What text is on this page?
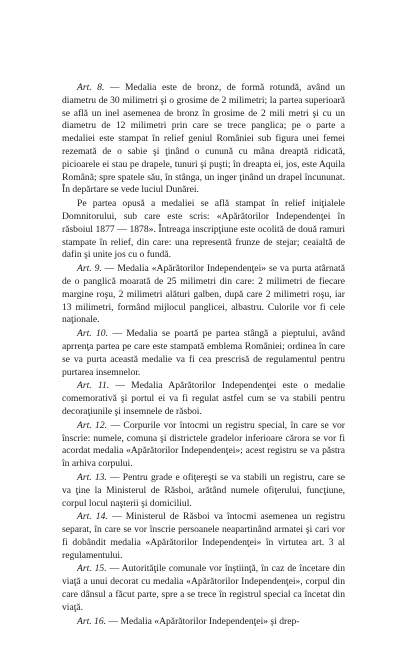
Art. 8. — Medalia este de bronz, de formă rotundă, având un diametru de 30 milimetri şi o grosime de 2 milimetri; la partea superioară se află un inel asemenea de bronz în grosime de 2 mili metri şi cu un diametru de 12 milimetri prin care se trece panglica; pe o parte a medaliei este stampat în relief geniul României sub figura unei femei rezemată de o sabie şi ţinând o cunună cu mâna dreaptă ridicată, picioarele ei stau pe drapele, tunuri şi puşti; în dreapta ei, jos, este Aquila Română; spre spatele său, în stânga, un inger ţinând un drapel încununat. În depărtare se vede luciul Dunărei.

Pe partea opusă a medaliei se află stampat în relief iniţialele Domnitorului, sub care este scris: «Apărătorilor Independenţei în răsboiul 1877 — 1878». Întreaga inscripţiune este ocolită de două ramuri stampate în relief, din care: una representă frunze de stejar; ceaialtă de dafin şi unite jos cu o fundă.

Art. 9. — Medalia «Apărătorilor Independenţei» se va purta atârnată de o panglică moarată de 25 milimetri din care: 2 milimetri de fiecare margine roşu, 2 milimetri alături galben, după care 2 milimetri roşu, iar 13 milimetri, formând mijlocul panglicei, albastru. Culorile vor fi cele naţionale.

Art. 10. — Medalia se poartă pe partea stângă a pieptului, având aprrenţa partea pe care este stampată emblema României; ordinea în care se va purta această medalie va fi cea prescrisă de regulamentul pentru purtarea insemnelor.

Art. 11. — Medalia Apărătorilor Independenţei este o medalie comemorativă şi portul ei va fi regulat astfel cum se va stabili pentru decoraţiunile şi insemnele de răsboi.

Art. 12. — Corpurile vor întocmi un registru special, în care se vor înscrie: numele, comuna şi districtele gradelor inferioare cărora se vor fi acordat medalia «Apărătorilor Independenţei»; acest registru se va păstra în arhiva corpului.

Art. 13. — Pentru grade e ofiţereşti se va stabili un registru, care se va ţine la Ministerul de Răsboi, arătând numele ofiţerului, funcţiune, corpul locul naşterii şi domiciliul.

Art. 14. — Ministerul de Răsboi va întocmi asemenea un registru separat, în care se vor înscrie persoanele neapartinând armatei şi cari vor fi dobândit medalia «Apărătorilor Independenţei» în virtutea art. 3 al regulamentului.

Art. 15. — Autorităţile comunale vor înştiinţă, în caz de încetare din viaţă a unui decorat cu medalia «Apărătorilor Independenţei», corpul din care dânsul a făcut parte, spre a se trece în registrul special ca încetat din viaţă.

Art. 16. — Medalia «Apărătorilor Independenţei» şi drep-
